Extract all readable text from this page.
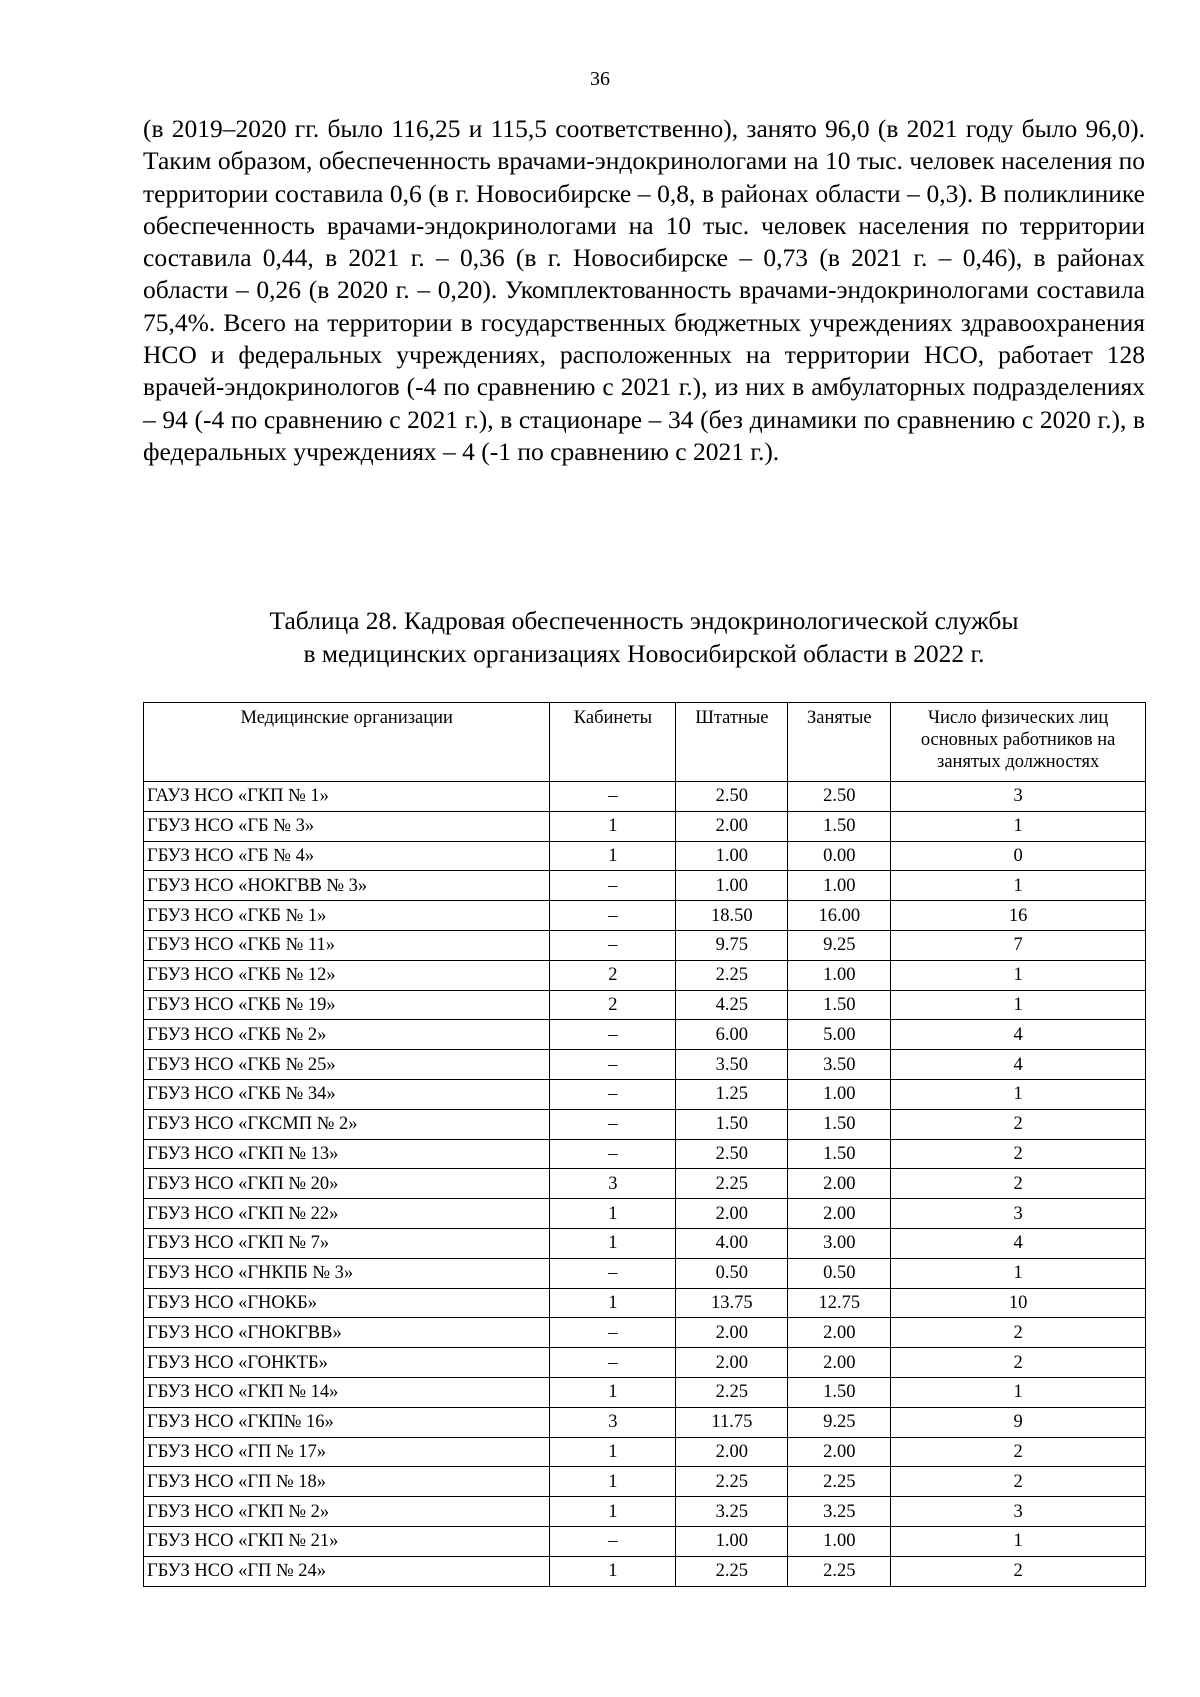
36

(в 2019–2020 гг. было 116,25 и 115,5 соответственно), занято 96,0 (в 2021 году было 96,0). Таким образом, обеспеченность врачами-эндокринологами на 10 тыс. человек населения по территории составила 0,6 (в г. Новосибирске – 0,8, в районах области – 0,3). В поликлинике обеспеченность врачами-эндокринологами на 10 тыс. человек населения по территории составила 0,44, в 2021 г. – 0,36 (в г. Новосибирске – 0,73 (в 2021 г. – 0,46), в районах области – 0,26 (в 2020 г. – 0,20). Укомплектованность врачами-эндокринологами составила 75,4%. Всего на территории в государственных бюджетных учреждениях здравоохранения НСО и федеральных учреждениях, расположенных на территории НСО, работает 128 врачей-эндокринологов (-4 по сравнению с 2021 г.), из них в амбулаторных подразделениях – 94 (-4 по сравнению с 2021 г.), в стационаре – 34 (без динамики по сравнению с 2020 г.), в федеральных учреждениях – 4 (-1 по сравнению с 2021 г.).

Таблица 28. Кадровая обеспеченность эндокринологической службы
в медицинских организациях Новосибирской области в 2022 г.
Медицинские организации	Кабинеты	Штатные	Занятые	Число физических лиц основных работников на занятых должностях
ГАУЗ НСО «ГКП № 1»	–	2.50	2.50	3
ГБУЗ НСО «ГБ № 3»	1	2.00	1.50	1
ГБУЗ НСО «ГБ № 4»	1	1.00	0.00	0
ГБУЗ НСО «НОКГВВ № 3»	–	1.00	1.00	1
ГБУЗ НСО «ГКБ № 1»	–	18.50	16.00	16
ГБУЗ НСО «ГКБ № 11»	–	9.75	9.25	7
ГБУЗ НСО «ГКБ № 12»	2	2.25	1.00	1
ГБУЗ НСО «ГКБ № 19»	2	4.25	1.50	1
ГБУЗ НСО «ГКБ № 2»	–	6.00	5.00	4
ГБУЗ НСО «ГКБ № 25»	–	3.50	3.50	4
ГБУЗ НСО «ГКБ № 34»	–	1.25	1.00	1
ГБУЗ НСО «ГКСМП № 2»	–	1.50	1.50	2
ГБУЗ НСО «ГКП № 13»	–	2.50	1.50	2
ГБУЗ НСО «ГКП № 20»	3	2.25	2.00	2
ГБУЗ НСО «ГКП № 22»	1	2.00	2.00	3
ГБУЗ НСО «ГКП № 7»	1	4.00	3.00	4
ГБУЗ НСО «ГНКПБ № 3»	–	0.50	0.50	1
ГБУЗ НСО «ГНОКБ»	1	13.75	12.75	10
ГБУЗ НСО «ГНОКГВВ»	–	2.00	2.00	2
ГБУЗ НСО «ГОНКТБ»	–	2.00	2.00	2
ГБУЗ НСО «ГКП № 14»	1	2.25	1.50	1
ГБУЗ НСО «ГКП№ 16»	3	11.75	9.25	9
ГБУЗ НСО «ГП № 17»	1	2.00	2.00	2
ГБУЗ НСО «ГП № 18»	1	2.25	2.25	2
ГБУЗ НСО «ГКП № 2»	1	3.25	3.25	3
ГБУЗ НСО «ГКП № 21»	–	1.00	1.00	1
ГБУЗ НСО «ГП № 24»	1	2.25	2.25	2
